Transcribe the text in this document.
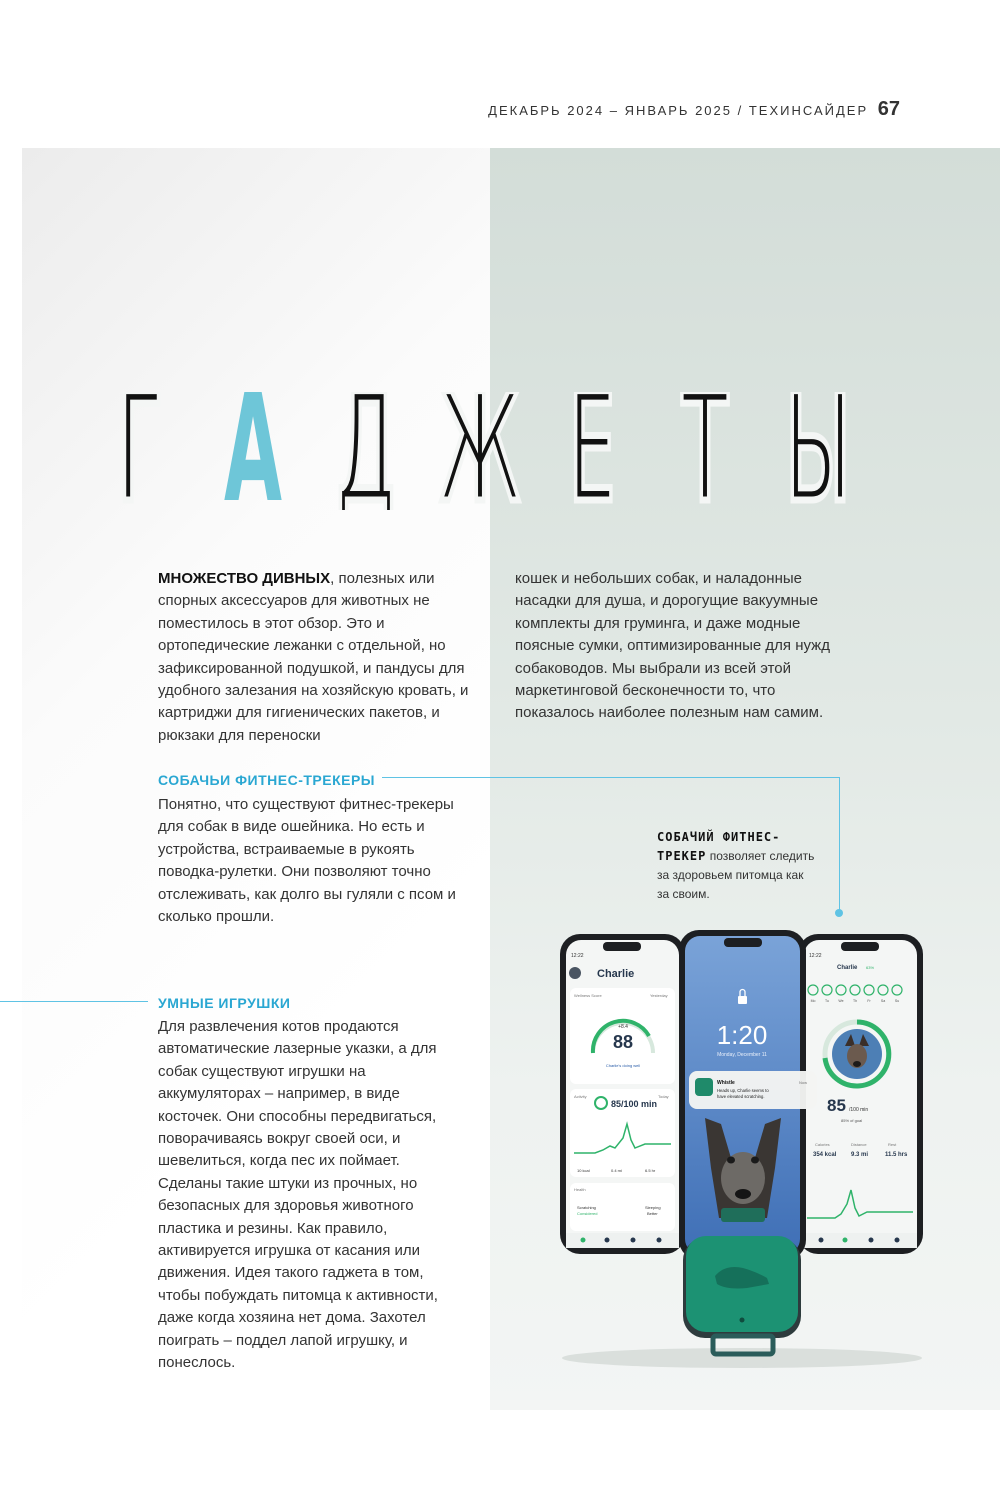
ДЕКАБРЬ 2024 – ЯНВАРЬ 2025 / ТЕХИНСАЙДЕР 67
Г А Д Ж Е Т Ы
МНОЖЕСТВО ДИВНЫХ, полезных или спорных аксессуаров для животных не поместилось в этот обзор. Это и ортопедические лежанки с отдельной, но зафиксированной подушкой, и пандусы для удобного залезания на хозяйскую кровать, и картриджи для гигиенических пакетов, и рюкзаки для переноски
кошек и небольших собак, и наладонные насадки для душа, и дорогущие вакуумные комплекты для груминга, и даже модные поясные сумки, оптимизированные для нужд собаководов. Мы выбрали из всей этой маркетинговой бесконечности то, что показалось наиболее полезным нам самим.
СОБАЧЬИ ФИТНЕС-ТРЕКЕРЫ
Понятно, что существуют фитнес-трекеры для собак в виде ошейника. Но есть и устройства, встраиваемые в рукоять поводка-рулетки. Они позволяют точно отслеживать, как долго вы гуляли с псом и сколько прошли.
УМНЫЕ ИГРУШКИ
Для развлечения котов продаются автоматические лазерные указки, а для собак существуют игрушки на аккумуляторах – например, в виде косточек. Они способны передвигаться, поворачиваясь вокруг своей оси, и шевелиться, когда пес их поймает. Сделаны такие штуки из прочных, но безопасных для здоровья животного пластика и резины. Как правило, активируется игрушка от касания или движения. Идея такого гаджета в том, чтобы побуждать питомца к активности, даже когда хозяина нет дома. Захотел поиграть – поддел лапой игрушку, и понеслось.
СОБАЧИЙ ФИТНЕС-ТРЕКЕР позволяет следить за здоровьем питомца как за своим.
12:22
Charlie
Wellness Score	Yesterday
+8.4
88
Charlie's doing well
Activity	Today
85/100 min
10 kcal	0.4 mi	6.5 hr
Health
Scratching
Considered
Sleeping
Better
12:22
Charlie 63%
Mo	Tu	We	Th	Fr	Sa	Su
85 /100 min
85% of goal
Calories
354 kcal
Distance
9.3 mi
Rest
11.5 hrs
1:20
Monday, December 11
Whistle	Now
Heads up, Charlie seems to
have elevated scratching.
